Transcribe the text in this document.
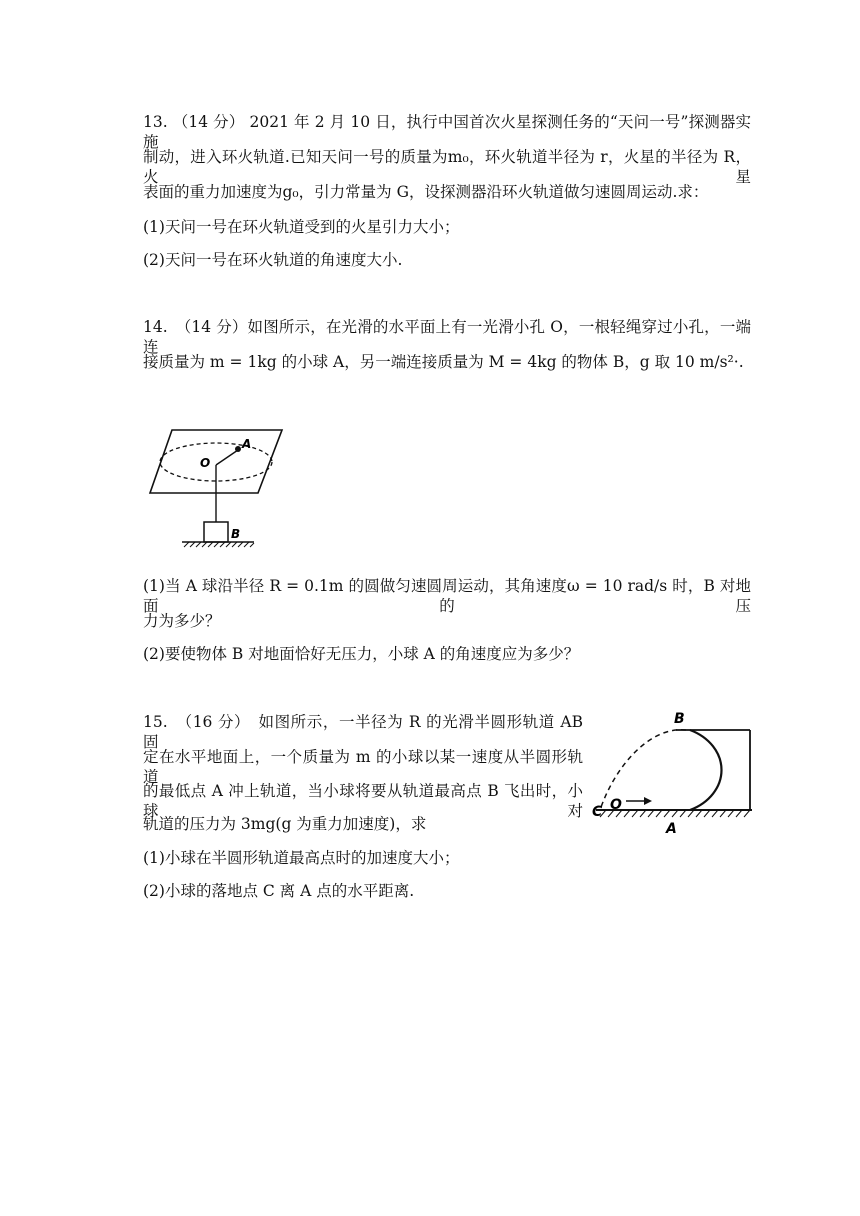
13. （14 分） 2021 年 2 月 10 日，执行中国首次火星探测任务的“天问一号”探测器实施
制动，进入环火轨道.已知天问一号的质量为m₀，环火轨道半径为 r，火星的半径为 R，火星
表面的重力加速度为g₀，引力常量为 G，设探测器沿环火轨道做匀速圆周运动.求：
(1)天问一号在环火轨道受到的火星引力大小；
(2)天问一号在环火轨道的角速度大小.
14.　（14 分）如图所示，在光滑的水平面上有一光滑小孔 O，一根轻绳穿过小孔，一端连
接质量为 m = 1kg 的小球 A，另一端连接质量为 M = 4kg 的物体 B，g 取 10 m/s²·.
A
O
B
(1)当 A 球沿半径 R = 0.1m 的圆做匀速圆周运动，其角速度ω = 10 rad/s 时，B 对地面的压
力为多少？
(2)要使物体 B 对地面恰好无压力，小球 A 的角速度应为多少？
15.　（16 分）　如图所示，一半径为 R 的光滑半圆形轨道 AB 固
定在水平地面上，一个质量为 m 的小球以某一速度从半圆形轨道
的最低点 A 冲上轨道，当小球将要从轨道最高点 B 飞出时，小球对
轨道的压力为 3mg(g 为重力加速度)，求
(1)小球在半圆形轨道最高点时的加速度大小；
(2)小球的落地点 C 离 A 点的水平距离.
O
B
C
A
